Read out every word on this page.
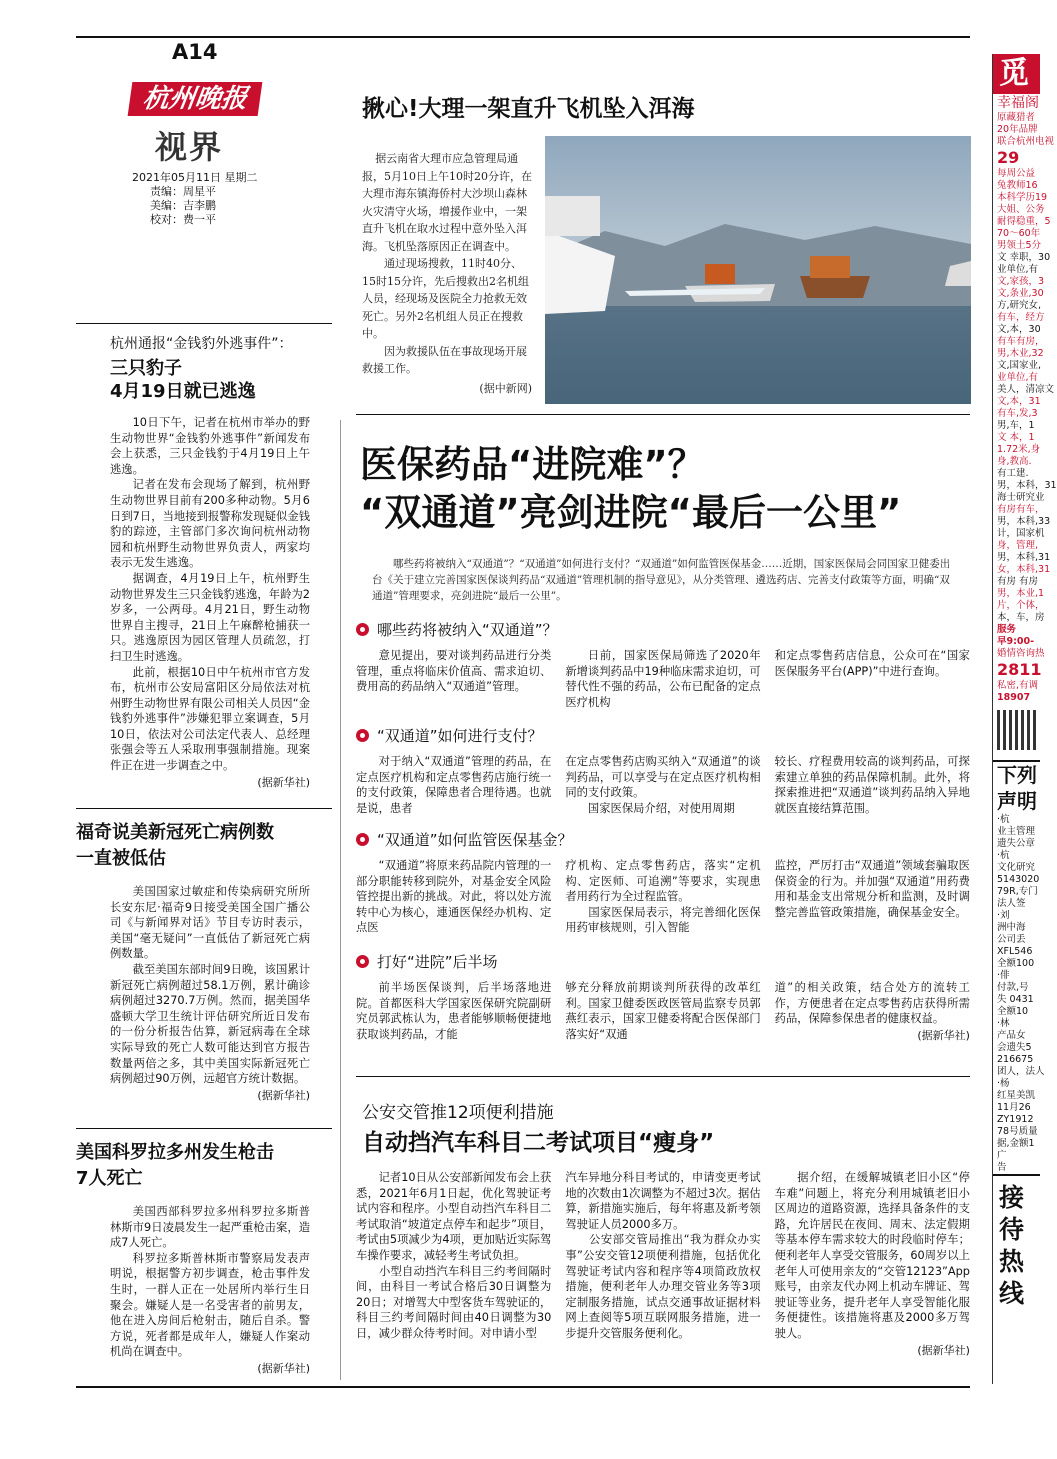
A14
杭州晚报
视界
2021年05月11日 星期二
责编：周星平
美编：吉李鹏
校对：费一平
揪心!大理一架直升飞机坠入洱海
据云南省大理市应急管理局通报，5月10日上午10时20分许，在大理市海东镇海侨村大沙坝山森林火灾清守火场，增援作业中，一架直升飞机在取水过程中意外坠入洱海。飞机坠落原因正在调查中。
　　通过现场搜救，11时40分、15时15分许，先后搜救出2名机组人员，经现场及医院全力抢救无效死亡。另外2名机组人员正在搜救中。
　　因为救援队伍在事故现场开展救援工作。
(据中新网)
杭州通报“金钱豹外逃事件”：
三只豹子
4月19日就已逃逸

10日下午，记者在杭州市举办的野生动物世界“金钱豹外逃事件”新闻发布会上获悉，三只金钱豹于4月19日上午逃逸。

记者在发布会现场了解到，杭州野生动物世界目前有200多种动物。5月6日到7日，当地接到报警称发现疑似金钱豹的踪迹，主管部门多次询问杭州动物园和杭州野生动物世界负责人，两家均表示无发生逃逸。

据调查，4月19日上午，杭州野生动物世界发生三只金钱豹逃逸，年龄为2岁多，一公两母。4月21日，野生动物世界自主搜寻，21日上午麻醉枪捕获一只。逃逸原因为园区管理人员疏忽，打扫卫生时逃逸。

此前，根据10日中午杭州市官方发布，杭州市公安局富阳区分局依法对杭州野生动物世界有限公司相关人员因“金钱豹外逃事件”涉嫌犯罪立案调查，5月10日，依法对公司法定代表人、总经理张强会等五人采取刑事强制措施。现案件正在进一步调查之中。

(据新华社)

福奇说美新冠死亡病例数
一直被低估

美国国家过敏症和传染病研究所所长安东尼·福奇9日接受美国全国广播公司《与新闻界对话》节目专访时表示，美国“毫无疑问”一直低估了新冠死亡病例数量。

截至美国东部时间9日晚，该国累计新冠死亡病例超过58.1万例，累计确诊病例超过3270.7万例。然而，据美国华盛顿大学卫生统计评估研究所近日发布的一份分析报告估算，新冠病毒在全球实际导致的死亡人数可能达到官方报告数量两倍之多，其中美国实际新冠死亡病例超过90万例，远超官方统计数据。

(据新华社)

美国科罗拉多州发生枪击
7人死亡

美国西部科罗拉多州科罗拉多斯普林斯市9日凌晨发生一起严重枪击案，造成7人死亡。

科罗拉多斯普林斯市警察局发表声明说，根据警方初步调查，枪击事件发生时，一群人正在一处居所内举行生日聚会。嫌疑人是一名受害者的前男友，他在进入房间后枪射击，随后自杀。警方说，死者都是成年人，嫌疑人作案动机尚在调查中。

(据新华社)

医保药品“进院难”？
“双通道”亮剑进院“最后一公里”
哪些药将被纳入“双通道”？“双通道”如何进行支付？“双通道”如何监管医保基金……近期，国家医保局会同国家卫健委出台《关于建立完善国家医保谈判药品“双通道”管理机制的指导意见》，从分类管理、遴选药店、完善支付政策等方面，明确“双通道”管理要求，亮剑进院“最后一公里”。
哪些药将被纳入“双通道”？

意见提出，要对谈判药品进行分类管理，重点将临床价值高、需求迫切、费用高的药品纳入“双通道”管理。

日前，国家医保局筛选了2020年新增谈判药品中19种临床需求迫切，可替代性不强的药品，公布已配备的定点医疗机构

和定点零售药店信息，公众可在“国家医保服务平台(APP)”中进行查询。

“双通道”如何进行支付？

对于纳入“双通道”管理的药品，在定点医疗机构和定点零售药店施行统一的支付政策，保障患者合理待遇。也就是说，患者

在定点零售药店购买纳入“双通道”的谈判药品，可以享受与在定点医疗机构相同的支付政策。
　　国家医保局介绍，对使用周期

较长、疗程费用较高的谈判药品，可探索建立单独的药品保障机制。此外，将探索推进把“双通道”谈判药品纳入异地就医直接结算范围。

“双通道”如何监管医保基金？

“双通道”将原来药品院内管理的一部分职能转移到院外，对基金安全风险管控提出新的挑战。对此，将以处方流转中心为核心，連通医保经办机构、定点医

疗机构、定点零售药店，落实“定机构、定医师、可追溯”等要求，实现患者用药行为全过程监管。
　　国家医保局表示，将完善细化医保用药审核规则，引入智能

监控，严厉打击“双通道”领域套骗取医保资金的行为。并加强“双通道”用药费用和基金支出常规分析和监测，及时调整完善监管政策措施，确保基金安全。

打好“进院”后半场

前半场医保谈判，后半场落地进院。首都医科大学国家医保研究院副研究员郭武栋认为，患者能够顺畅便捷地获取谈判药品，才能

够充分释放前期谈判所获得的改革红利。国家卫健委医政医管局监察专员郭燕红表示，国家卫健委将配合医保部门落实好“双通

道”的相关政策，结合处方的流转工作，方便患者在定点零售药店获得所需药品，保障参保患者的健康权益。

(据新华社)

公安交管推12项便利措施
自动挡汽车科目二考试项目“瘦身”

记者10日从公安部新闻发布会上获悉，2021年6月1日起，优化驾驶证考试内容和程序。小型自动挡汽车科目二考试取消“坡道定点停车和起步”项目，考试由5项减少为4项，更加贴近实际驾车操作要求，减轻考生考试负担。
　　小型自动挡汽车科目三约考间隔时间，由科目一考试合格后30日调整为20日；对增驾大中型客货车驾驶证的，科目三约考间隔时间由40日调整为30日，减少群众待考时间。对申请小型

汽车异地分科目考试的，申请变更考试地的次数由1次调整为不超过3次。据估算，新措施实施后，每年将惠及新考领驾驶证人员2000多万。
　　公安部交管局推出“我为群众办实事”公安交管12项便利措施，包括优化驾驶证考试内容和程序等4项简政放权措施，便利老年人办理交管业务等3项定制服务措施，试点交通事故证据材料网上查阅等5项互联网服务措施，进一步提升交管服务便利化。

据介绍，在缓解城镇老旧小区“停车难”问题上，将充分利用城镇老旧小区周边的道路资源，选择具备条件的支路，允许居民在夜间、周末、法定假期等基本停车需求较大的时段临时停车；便利老年人享受交管服务，60周岁以上老年人可使用亲友的“交管12123”App账号，由亲友代办网上机动车牌证、驾驶证等业务，提升老年人享受智能化服务便捷性。该措施将惠及2000多万驾驶人。

(据新华社)

觅
幸福阁
原藏猎者
20年品牌
联合杭州电视
29
每周公益
兔教师16
本科学历19
大姐、公务
耐得稳重，5
70～60年
男领土5分
文 幸职，30
业单位,有
文,家孩，3
文,条业,30
方,研究女,
有车，经方
文,本，30
有车有房，
男,木业,32
文,国家业,
业单位,有
美人，清凉文
文,本，31
有车,发,3
男,车，1
文 本，1
1.72米,身
身,教高.
有工建.
男，本科，31
海士研究业
有房有车，
男，本科,33
计，国家机
身，管理,
男，本科,31
女，本科,31
有房 有房
男，本业,1
片，个体，
本，车，房
服务
早9:00-
婚情咨询热
2811
私密,有调
18907
下列
声明
·杭
业主管理
遗失公章
·杭
文化研究
5143020
79R,专门
法人签
·刘
洲中海
公司丢
XFL546
全额100
·俳
付款,号
失 0431
全额10
·林
产品女
会遗失5
216675
团人，法人
·杨
红星美凯
11月26
ZY1912
78号质量
据,金额1
广
告
接
待
热
线
